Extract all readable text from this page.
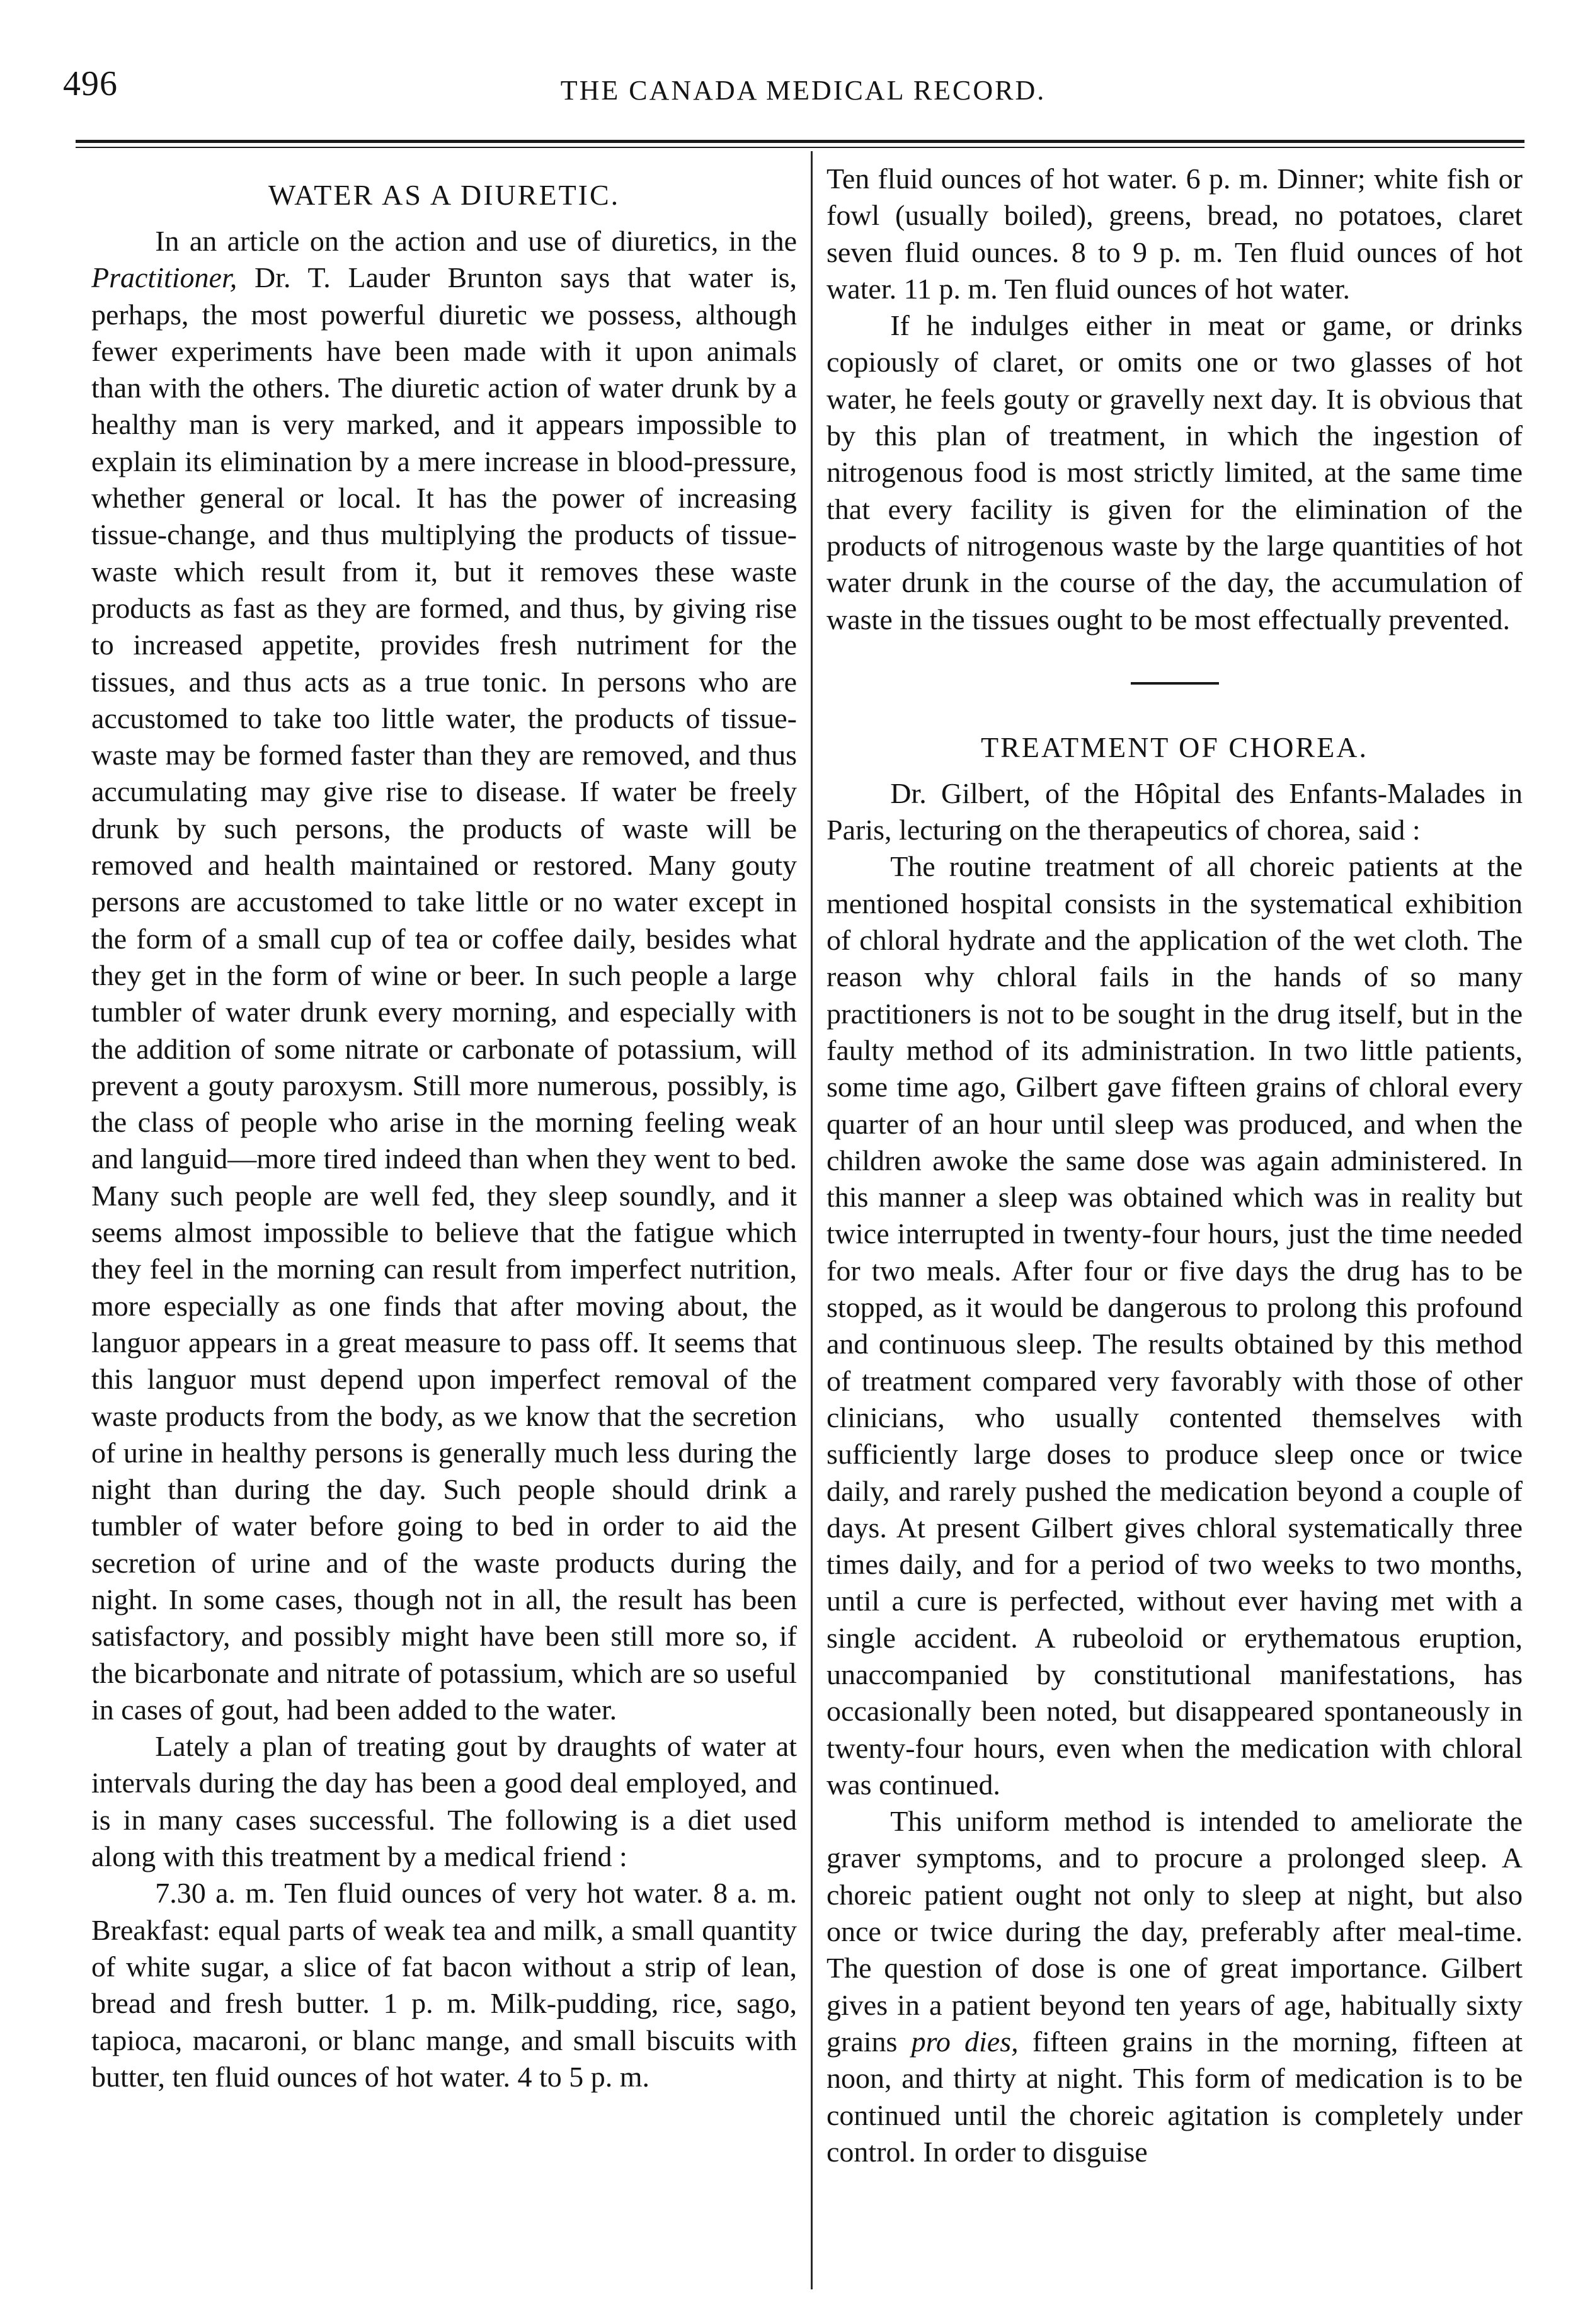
496	THE CANADA MEDICAL RECORD.
WATER AS A DIURETIC.

In an article on the action and use of diuretics, in the Practitioner, Dr. T. Lauder Brunton says that water is, perhaps, the most powerful diuretic we possess, although fewer experiments have been made with it upon animals than with the others. The diuretic action of water drunk by a healthy man is very marked, and it appears impossible to explain its elimination by a mere increase in blood-pressure, whether general or local. It has the power of increasing tissue-change, and thus multiplying the products of tissue-waste which result from it, but it removes these waste products as fast as they are formed, and thus, by giving rise to increased appetite, provides fresh nutriment for the tissues, and thus acts as a true tonic. In persons who are accustomed to take too little water, the products of tissue-waste may be formed faster than they are removed, and thus accumulating may give rise to disease. If water be freely drunk by such persons, the products of waste will be removed and health maintained or restored. Many gouty persons are accustomed to take little or no water except in the form of a small cup of tea or coffee daily, besides what they get in the form of wine or beer. In such people a large tumbler of water drunk every morning, and especially with the addition of some nitrate or carbonate of potassium, will prevent a gouty paroxysm. Still more numerous, possibly, is the class of people who arise in the morning feeling weak and languid—more tired indeed than when they went to bed. Many such people are well fed, they sleep soundly, and it seems almost impossible to believe that the fatigue which they feel in the morning can result from imperfect nutrition, more especially as one finds that after moving about, the languor appears in a great measure to pass off. It seems that this languor must depend upon imperfect removal of the waste products from the body, as we know that the secretion of urine in healthy persons is generally much less during the night than during the day. Such people should drink a tumbler of water before going to bed in order to aid the secretion of urine and of the waste products during the night. In some cases, though not in all, the result has been satisfactory, and possibly might have been still more so, if the bicarbonate and nitrate of potassium, which are so useful in cases of gout, had been added to the water.

Lately a plan of treating gout by draughts of water at intervals during the day has been a good deal employed, and is in many cases successful. The following is a diet used along with this treatment by a medical friend :

7.30 a. m. Ten fluid ounces of very hot water. 8 a. m. Breakfast: equal parts of weak tea and milk, a small quantity of white sugar, a slice of fat bacon without a strip of lean, bread and fresh butter. 1 p. m. Milk-pudding, rice, sago, tapioca, macaroni, or blanc mange, and small biscuits with butter, ten fluid ounces of hot water. 4 to 5 p. m.

Ten fluid ounces of hot water. 6 p. m. Dinner; white fish or fowl (usually boiled), greens, bread, no potatoes, claret seven fluid ounces. 8 to 9 p. m. Ten fluid ounces of hot water. 11 p. m. Ten fluid ounces of hot water.

If he indulges either in meat or game, or drinks copiously of claret, or omits one or two glasses of hot water, he feels gouty or gravelly next day. It is obvious that by this plan of treatment, in which the ingestion of nitrogenous food is most strictly limited, at the same time that every facility is given for the elimination of the products of nitrogenous waste by the large quantities of hot water drunk in the course of the day, the accumulation of waste in the tissues ought to be most effectually prevented.

TREATMENT OF CHOREA.

Dr. Gilbert, of the Hôpital des Enfants-Malades in Paris, lecturing on the therapeutics of chorea, said :

The routine treatment of all choreic patients at the mentioned hospital consists in the systematical exhibition of chloral hydrate and the application of the wet cloth. The reason why chloral fails in the hands of so many practitioners is not to be sought in the drug itself, but in the faulty method of its administration. In two little patients, some time ago, Gilbert gave fifteen grains of chloral every quarter of an hour until sleep was produced, and when the children awoke the same dose was again administered. In this manner a sleep was obtained which was in reality but twice interrupted in twenty-four hours, just the time needed for two meals. After four or five days the drug has to be stopped, as it would be dangerous to prolong this profound and continuous sleep. The results obtained by this method of treatment compared very favorably with those of other clinicians, who usually contented themselves with sufficiently large doses to produce sleep once or twice daily, and rarely pushed the medication beyond a couple of days. At present Gilbert gives chloral systematically three times daily, and for a period of two weeks to two months, until a cure is perfected, without ever having met with a single accident. A rubeoloid or erythematous eruption, unaccompanied by constitutional manifestations, has occasionally been noted, but disappeared spontaneously in twenty-four hours, even when the medication with chloral was continued.

This uniform method is intended to ameliorate the graver symptoms, and to procure a prolonged sleep. A choreic patient ought not only to sleep at night, but also once or twice during the day, preferably after meal-time. The question of dose is one of great importance. Gilbert gives in a patient beyond ten years of age, habitually sixty grains pro dies, fifteen grains in the morning, fifteen at noon, and thirty at night. This form of medication is to be continued until the choreic agitation is completely under control. In order to disguise
